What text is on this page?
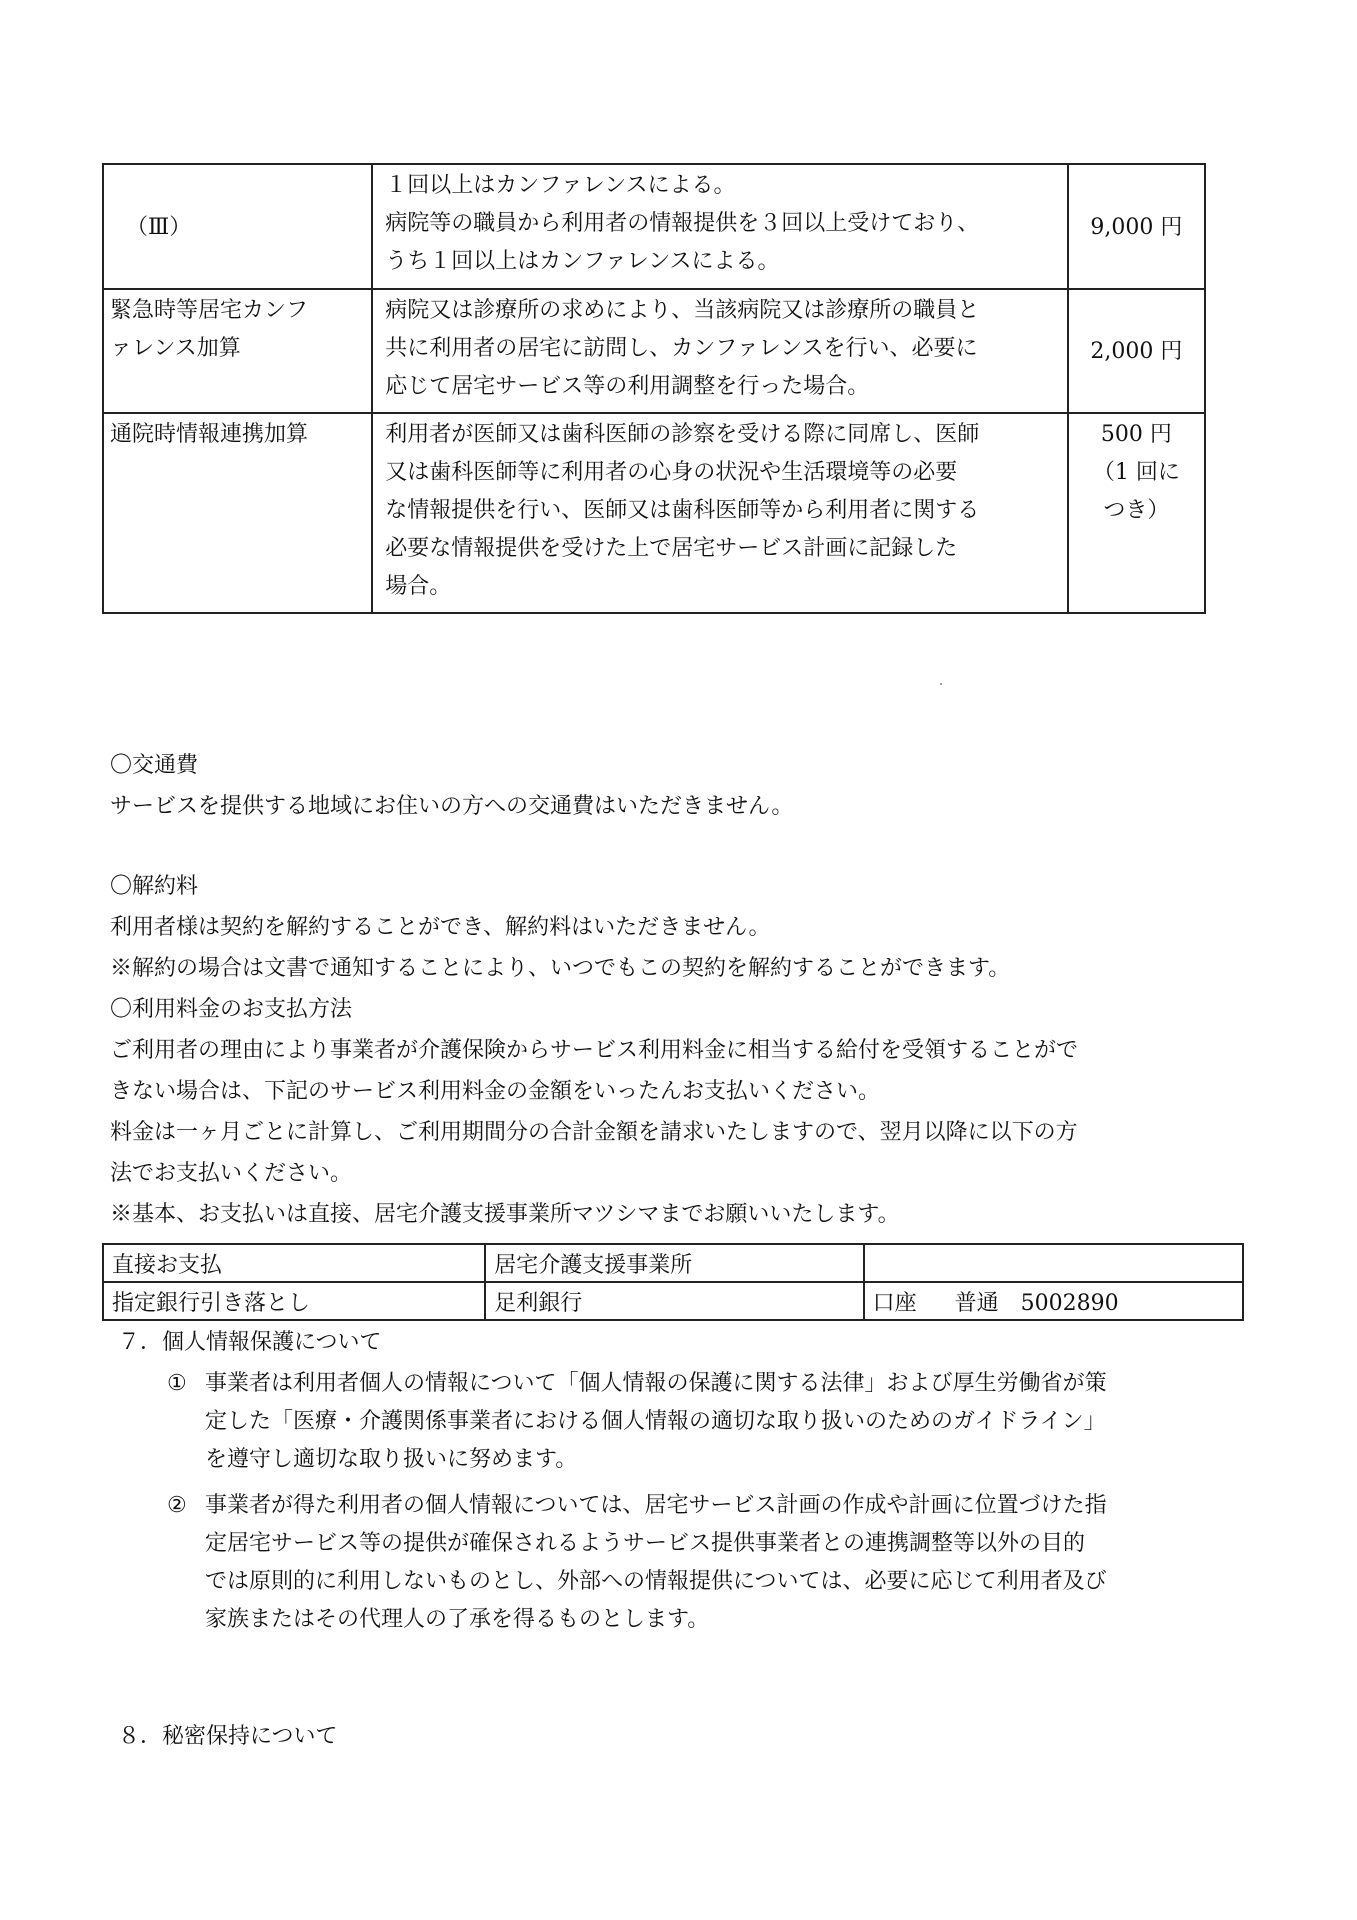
（Ⅲ）	１回以上はカンファレンスによる。
病院等の職員から利用者の情報提供を３回以上受けており、
うち１回以上はカンファレンスによる。	9,000 円

緊急時等居宅カンフ
ァレンス加算	病院又は診療所の求めにより、当該病院又は診療所の職員と
共に利用者の居宅に訪問し、カンファレンスを行い、必要に
応じて居宅サービス等の利用調整を行った場合。	2,000 円

通院時情報連携加算	利用者が医師又は歯科医師の診察を受ける際に同席し、医師
又は歯科医師等に利用者の心身の状況や生活環境等の必要
な情報提供を行い、医師又は歯科医師等から利用者に関する
必要な情報提供を受けた上で居宅サービス計画に記録した
場合。	500 円
（1 回に
つき）
〇交通費
サービスを提供する地域にお住いの方への交通費はいただきません。
〇解約料
利用者様は契約を解約することができ、解約料はいただきません。
※解約の場合は文書で通知することにより、いつでもこの契約を解約することができます。
〇利用料金のお支払方法
ご利用者の理由により事業者が介護保険からサービス利用料金に相当する給付を受領することがで
きない場合は、下記のサービス利用料金の金額をいったんお支払いください。
料金は一ヶ月ごとに計算し、ご利用期間分の合計金額を請求いたしますので、翌月以降に以下の方
法でお支払いください。
※基本、お支払いは直接、居宅介護支援事業所マツシマまでお願いいたします。
直接お支払	居宅介護支援事業所	
指定銀行引き落とし	足利銀行	口座 普通 5002890
７．個人情報保護について
① 事業者は利用者個人の情報について「個人情報の保護に関する法律」および厚生労働省が策
定した「医療・介護関係事業者における個人情報の適切な取り扱いのためのガイドライン」
を遵守し適切な取り扱いに努めます。
② 事業者が得た利用者の個人情報については、居宅サービス計画の作成や計画に位置づけた指
定居宅サービス等の提供が確保されるようサービス提供事業者との連携調整等以外の目的
では原則的に利用しないものとし、外部への情報提供については、必要に応じて利用者及び
家族またはその代理人の了承を得るものとします。
８．秘密保持について
